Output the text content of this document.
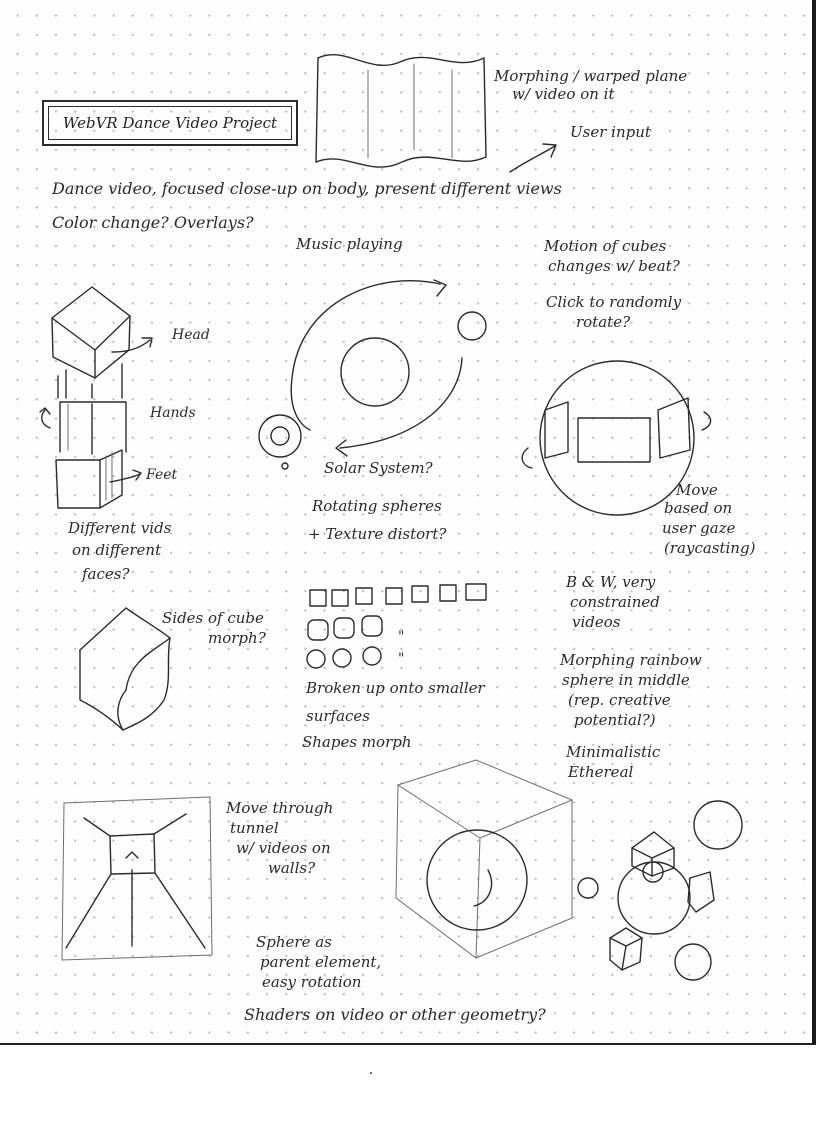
WebVR Dance Video Project
Morphing / warped plane
w/ video on it
User input
Dance video, focused close-up on body, present different views
Color change? Overlays?
Music playing	Motion of cubes
changes w/ beat?
Click to randomly
rotate?
Head
Hands
Feet	Solar System?
Rotating spheres
+ Texture distort?
Move
based on
user gaze
(raycasting)
Different vids
on different
faces?
Sides of cube
morph?
B & W, very
constrained
videos
"
"
Broken up onto smaller
surfaces
Shapes morph
Morphing rainbow
sphere in middle
(rep. creative
potential?)
Minimalistic
Ethereal
Move through
tunnel
w/ videos on
walls?
Sphere as
parent element,
easy rotation
Shaders on video or other geometry?
